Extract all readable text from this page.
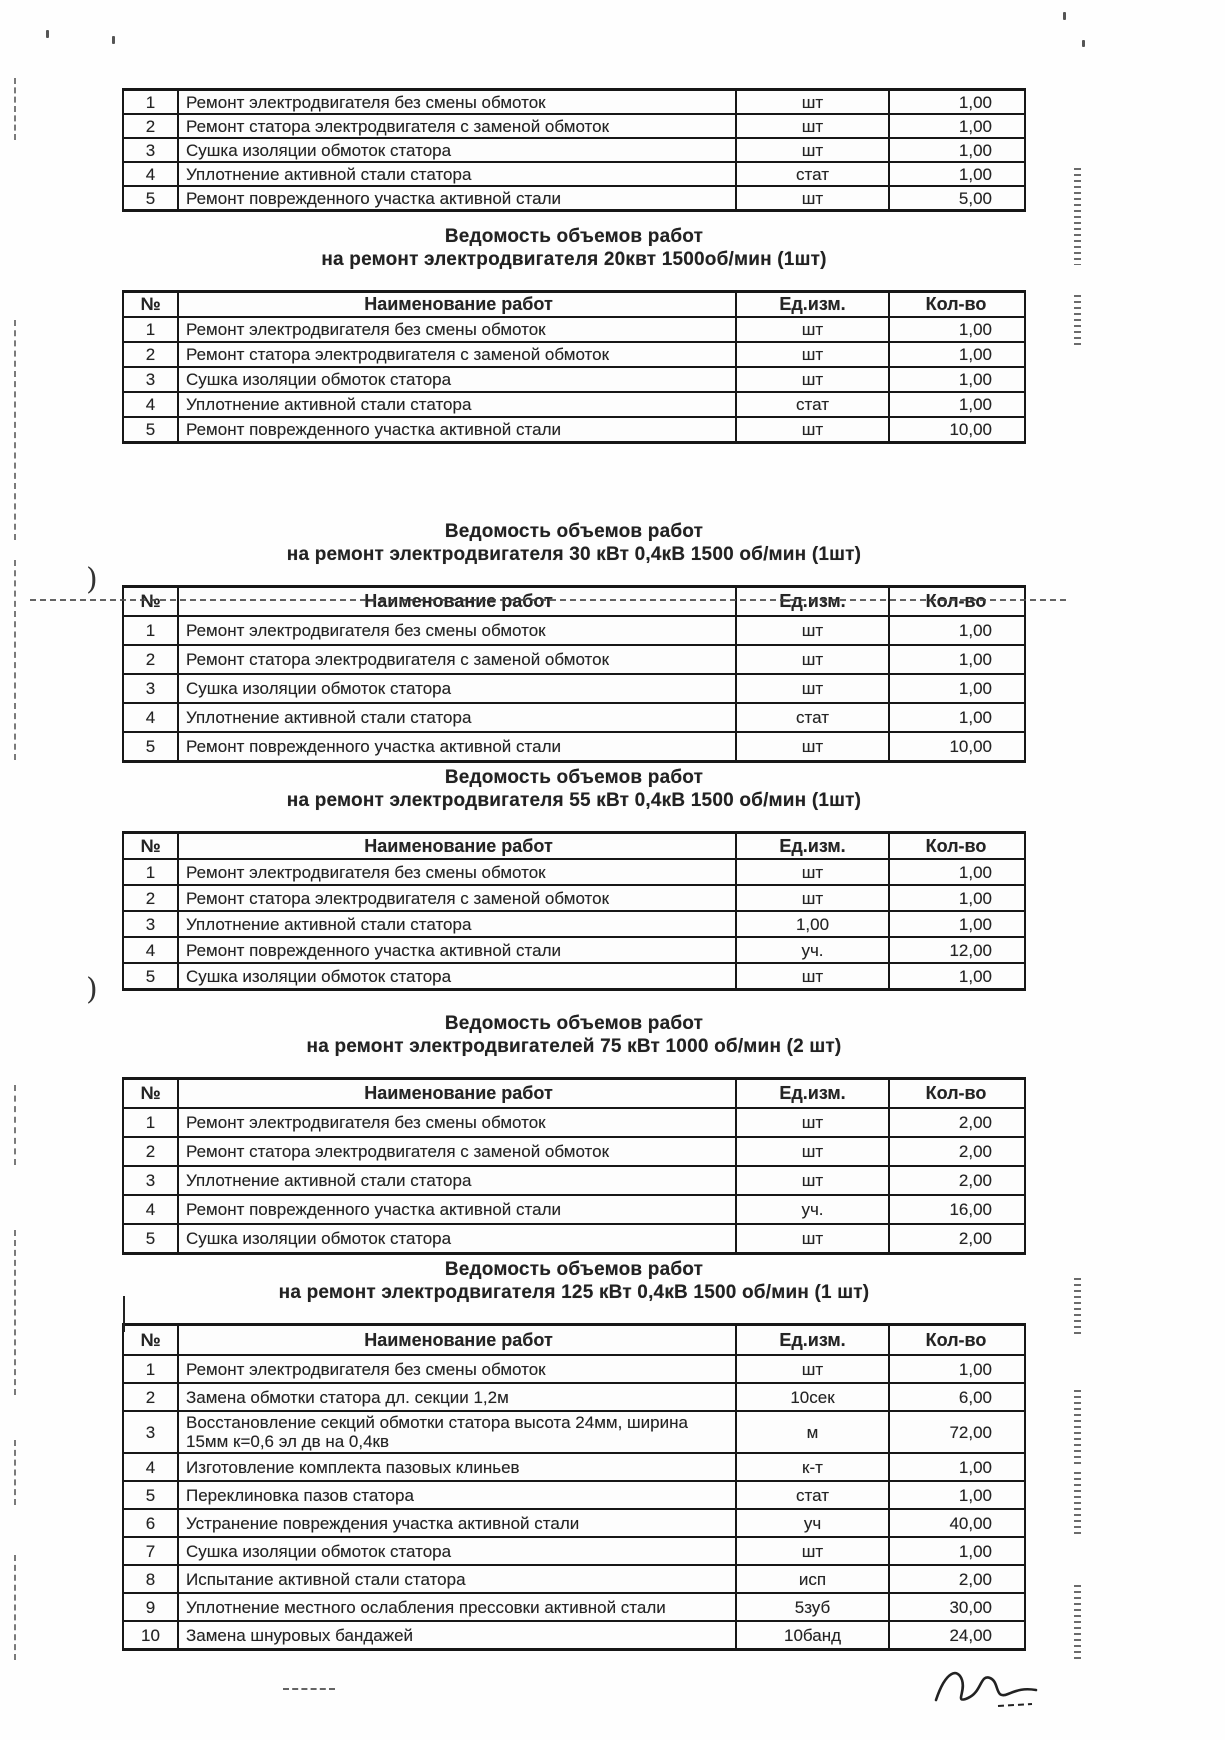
1	Ремонт электродвигателя без смены обмоток	шт	1,00
2	Ремонт статора электродвигателя с заменой обмоток	шт	1,00
3	Сушка изоляции обмоток статора	шт	1,00
4	Уплотнение активной стали статора	стат	1,00
5	Ремонт поврежденного участка активной стали	шт	5,00
Ведомость объемов работ
на ремонт электродвигателя 20квт 1500об/мин (1шт)
№	Наименование работ	Ед.изм.	Кол-во
1	Ремонт электродвигателя без смены обмоток	шт	1,00
2	Ремонт статора электродвигателя с заменой обмоток	шт	1,00
3	Сушка изоляции обмоток статора	шт	1,00
4	Уплотнение активной стали статора	стат	1,00
5	Ремонт поврежденного участка активной стали	шт	10,00
Ведомость объемов работ
на ремонт электродвигателя 30 кВт 0,4кВ 1500 об/мин (1шт)
№	Наименование работ	Ед.изм.	Кол-во
1	Ремонт электродвигателя без смены обмоток	шт	1,00
2	Ремонт статора электродвигателя с заменой обмоток	шт	1,00
3	Сушка изоляции обмоток статора	шт	1,00
4	Уплотнение активной стали статора	стат	1,00
5	Ремонт поврежденного участка активной стали	шт	10,00
Ведомость объемов работ
на ремонт электродвигателя 55 кВт 0,4кВ 1500 об/мин (1шт)
№	Наименование работ	Ед.изм.	Кол-во
1	Ремонт электродвигателя без смены обмоток	шт	1,00
2	Ремонт статора электродвигателя с заменой обмоток	шт	1,00
3	Уплотнение активной стали статора	1,00	1,00
4	Ремонт поврежденного участка активной стали	уч.	12,00
5	Сушка изоляции обмоток статора	шт	1,00
Ведомость объемов работ
на ремонт электродвигателей 75 кВт 1000 об/мин (2 шт)
№	Наименование работ	Ед.изм.	Кол-во
1	Ремонт электродвигателя без смены обмоток	шт	2,00
2	Ремонт статора электродвигателя с заменой обмоток	шт	2,00
3	Уплотнение активной стали статора	шт	2,00
4	Ремонт поврежденного участка активной стали	уч.	16,00
5	Сушка изоляции обмоток статора	шт	2,00
Ведомость объемов работ
на ремонт электродвигателя 125 кВт 0,4кВ 1500 об/мин (1 шт)
№	Наименование работ	Ед.изм.	Кол-во
1	Ремонт электродвигателя без смены обмоток	шт	1,00
2	Замена обмотки статора дл. секции 1,2м	10сек	6,00
3	Восстановление секций обмотки статора высота 24мм, ширина 15мм к=0,6 эл дв на 0,4кв	м	72,00
4	Изготовление комплекта пазовых клиньев	к-т	1,00
5	Переклиновка пазов статора	стат	1,00
6	Устранение повреждения участка активной стали	уч	40,00
7	Сушка изоляции обмоток статора	шт	1,00
8	Испытание активной стали статора	исп	2,00
9	Уплотнение местного ослабления прессовки активной стали	5зуб	30,00
10	Замена шнуровых бандажей	10банд	24,00
)
)
